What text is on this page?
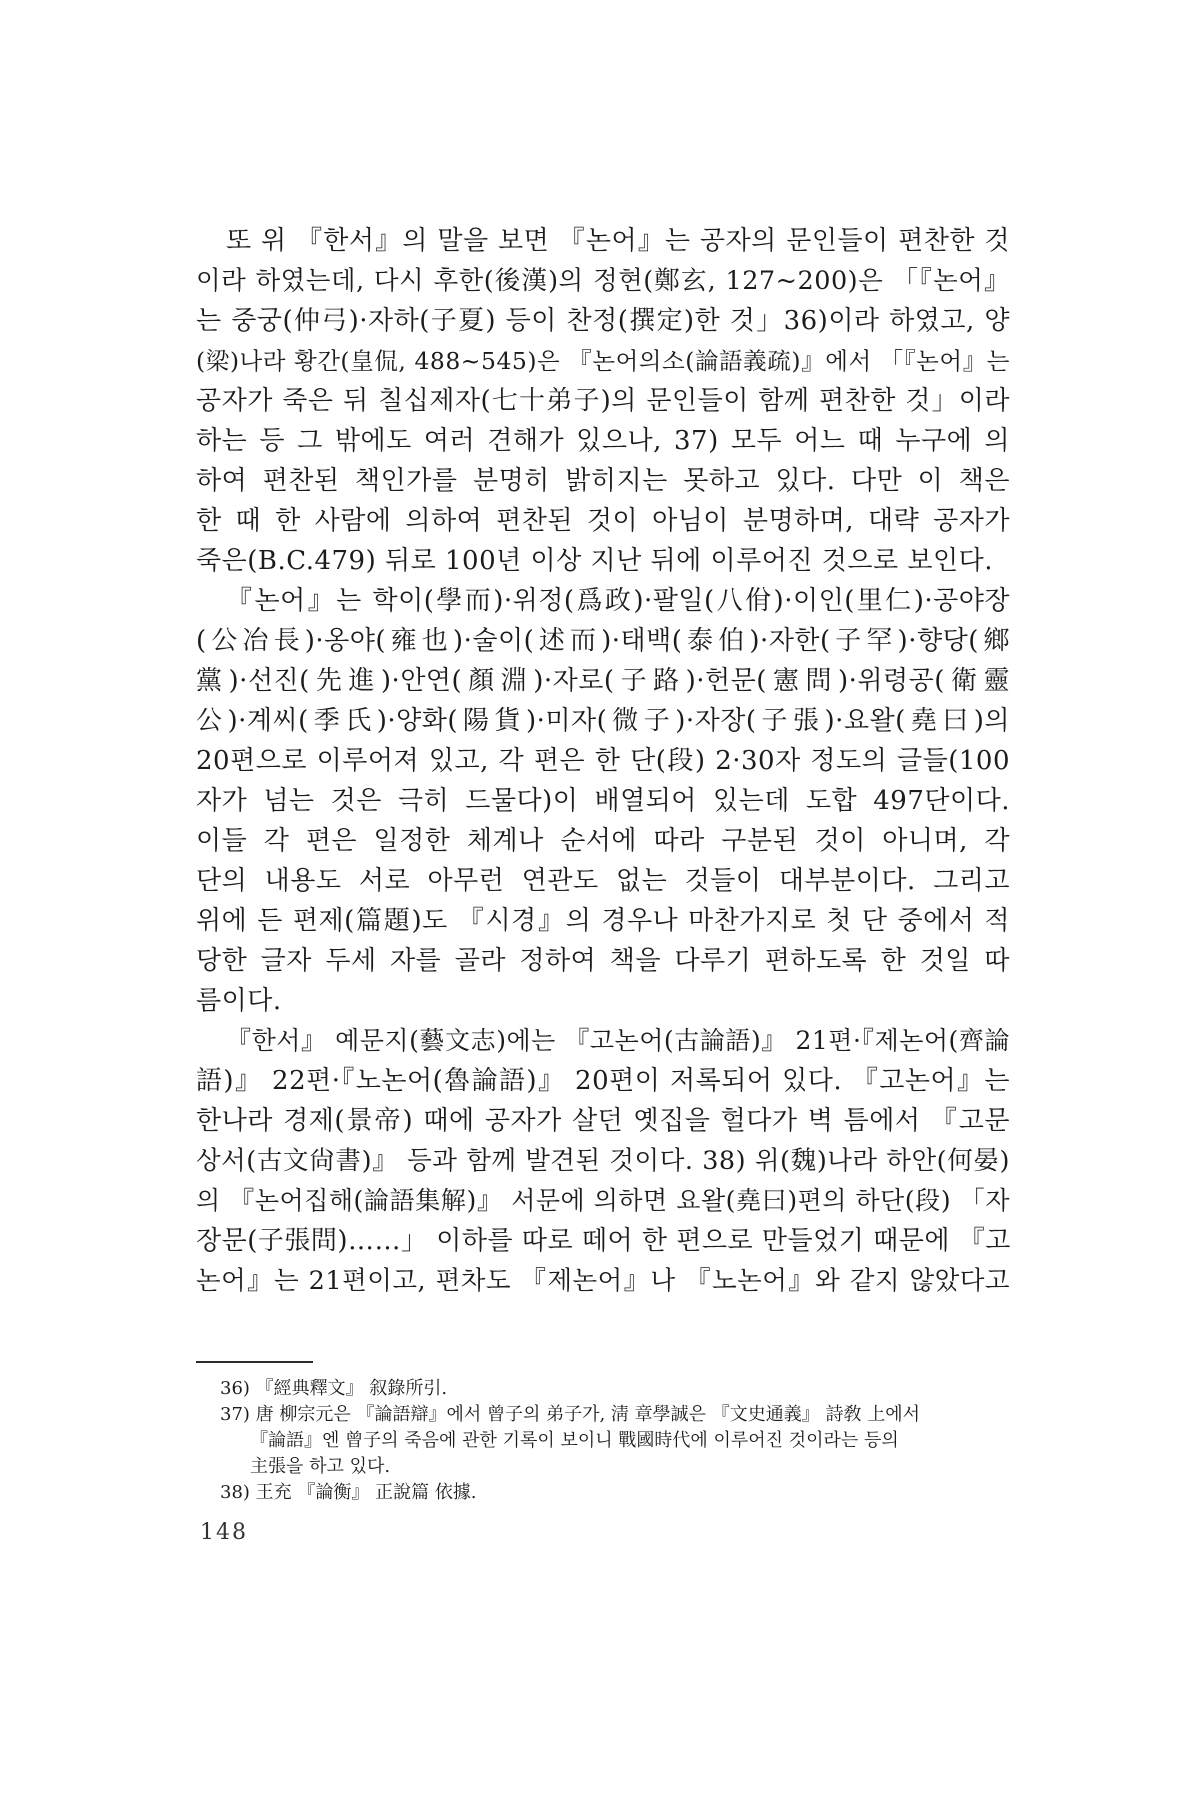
또 위 『한서』의 말을 보면 『논어』는 공자의 문인들이 편찬한 것
이라 하였는데, 다시 후한(後漢)의 정현(鄭玄, 127~200)은 「『논어』
는 중궁(仲弓)·자하(子夏) 등이 찬정(撰定)한 것」36)이라 하였고, 양
(梁)나라 황간(皇侃, 488~545)은 『논어의소(論語義疏)』에서 「『논어』는
공자가 죽은 뒤 칠십제자(七十弟子)의 문인들이 함께 편찬한 것」이라
하는 등 그 밖에도 여러 견해가 있으나, 37) 모두 어느 때 누구에 의
하여 편찬된 책인가를 분명히 밝히지는 못하고 있다. 다만 이 책은
한 때 한 사람에 의하여 편찬된 것이 아님이 분명하며, 대략 공자가
죽은(B.C.479) 뒤로 100년 이상 지난 뒤에 이루어진 것으로 보인다.
『논어』는 학이(學而)·위정(爲政)·팔일(八佾)·이인(里仁)·공야장
(公冶長)·옹야(雍也)·술이(述而)·태백(泰伯)·자한(子罕)·향당(鄉
黨)·선진(先進)·안연(顏淵)·자로(子路)·헌문(憲問)·위령공(衛靈
公)·계씨(季氏)·양화(陽貨)·미자(微子)·자장(子張)·요왈(堯曰)의
20편으로 이루어져 있고, 각 편은 한 단(段) 2·30자 정도의 글들(100
자가 넘는 것은 극히 드물다)이 배열되어 있는데 도합 497단이다.
이들 각 편은 일정한 체계나 순서에 따라 구분된 것이 아니며, 각
단의 내용도 서로 아무런 연관도 없는 것들이 대부분이다. 그리고
위에 든 편제(篇題)도 『시경』의 경우나 마찬가지로 첫 단 중에서 적
당한 글자 두세 자를 골라 정하여 책을 다루기 편하도록 한 것일 따
름이다.
『한서』 예문지(藝文志)에는 『고논어(古論語)』 21편·『제논어(齊論
語)』 22편·『노논어(魯論語)』 20편이 저록되어 있다. 『고논어』는
한나라 경제(景帝) 때에 공자가 살던 옛집을 헐다가 벽 틈에서 『고문
상서(古文尙書)』 등과 함께 발견된 것이다. 38) 위(魏)나라 하안(何晏)
의 『논어집해(論語集解)』 서문에 의하면 요왈(堯曰)편의 하단(段) 「자
장문(子張問)……」 이하를 따로 떼어 한 편으로 만들었기 때문에 『고
논어』는 21편이고, 편차도 『제논어』나 『노논어』와 같지 않았다고
36) 『經典釋文』 叙錄所引.
37) 唐 柳宗元은 『論語辯』에서 曾子의 弟子가, 淸 章學誠은 『文史通義』 詩敎 上에서
『論語』엔 曾子의 죽음에 관한 기록이 보이니 戰國時代에 이루어진 것이라는 등의
主張을 하고 있다.
38) 王充 『論衡』 正說篇 依據.
148
